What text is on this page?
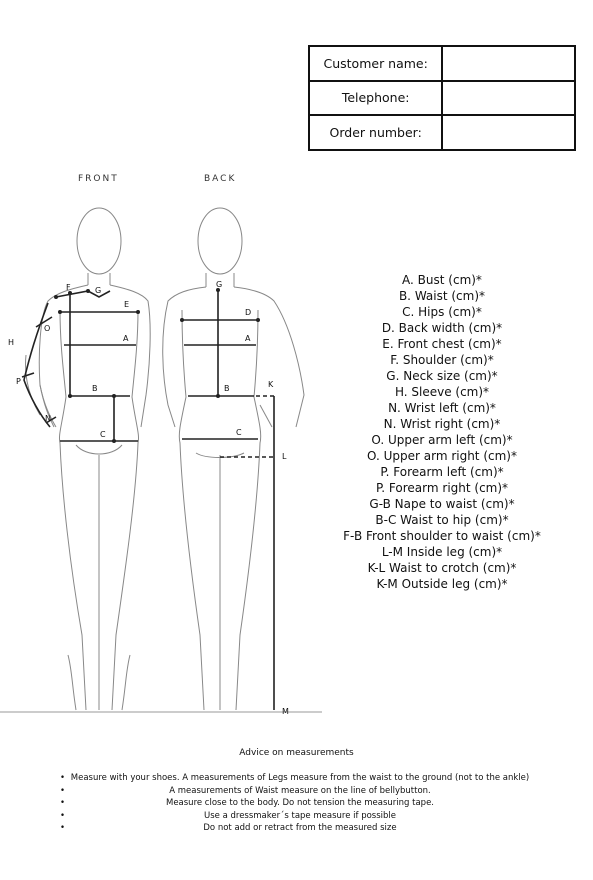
Customer name:	
Telephone:	
Order number:	
FRONT	BACK
F	G
E
A
B
C
H
O
P
N
G
D
A
B
C
K
L
M
A. Bust (cm)*
B. Waist (cm)*
C. Hips (cm)*
D. Back width (cm)*
E. Front chest (cm)*
F. Shoulder (cm)*
G. Neck size (cm)*
H. Sleeve (cm)*
N. Wrist left (cm)*
N. Wrist right (cm)*
O. Upper arm left (cm)*
O. Upper arm right (cm)*
P. Forearm left (cm)*
P. Forearm right (cm)*
G-B Nape to waist (cm)*
B-C Waist to hip (cm)*
F-B Front shoulder to waist (cm)*
L-M Inside leg (cm)*
K-L Waist to crotch (cm)*
K-M Outside leg (cm)*
Advice on measurements
• Measure with your shoes. A measurements of Legs measure from the waist to the ground (not to the ankle)
• A measurements of Waist measure on the line of bellybutton.
• Measure close to the body. Do not tension the measuring tape.
• Use a dressmaker´s tape measure if possible
• Do not add or retract from the measured size
